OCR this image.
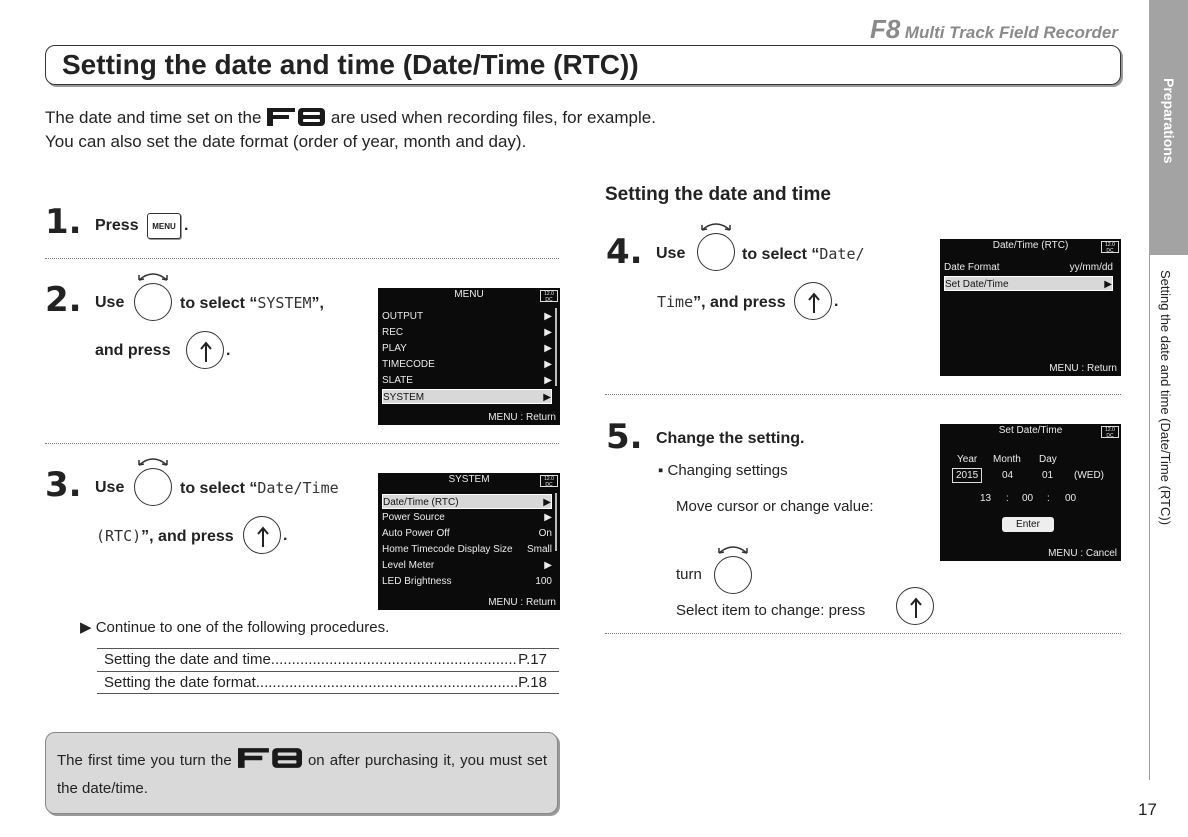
F8 Multi Track Field Recorder
Setting the date and time (Date/Time (RTC))
Preparations
Setting the date and time (Date/Time (RTC))
17
The date and time set on the	are used when recording files, for example.
You can also set the date format (order of year, month and day).
1. Press MENU .
2. Use	to select “SYSTEM”,
and press	.
MENU	12.0
DC
OUTPUT	▶
REC	▶
PLAY	▶
TIMECODE	▶
SLATE	▶
SYSTEM	▶
MENU : Return
3. Use	to select “Date/Time
(RTC)”, and press	.
SYSTEM	12.0
DC
Date/Time (RTC)	▶
Power Source	▶
Auto Power Off	On
Home Timecode Display Size Small
Level Meter	▶
LED Brightness	100
MENU : Return
▶ Continue to one of the following procedures.
Setting the date and time .....	P.17
Setting the date format .....	P.18
The first time you turn the	on after purchasing it, you must set the date/time.
Setting the date and time
4. Use	to select “Date/
Time”, and press	.
Date/Time (RTC)	12.0
DC
Date Format	yy/mm/dd
Set Date/Time	▶
MENU : Return
5. Change the setting.
▪ Changing settings
Move cursor or change value:
turn
Select item to change: press
Set Date/Time	12.0
DC
Year Month Day
2015	04	01 (WED)
13 : 00 : 00
Enter
MENU : Cancel
